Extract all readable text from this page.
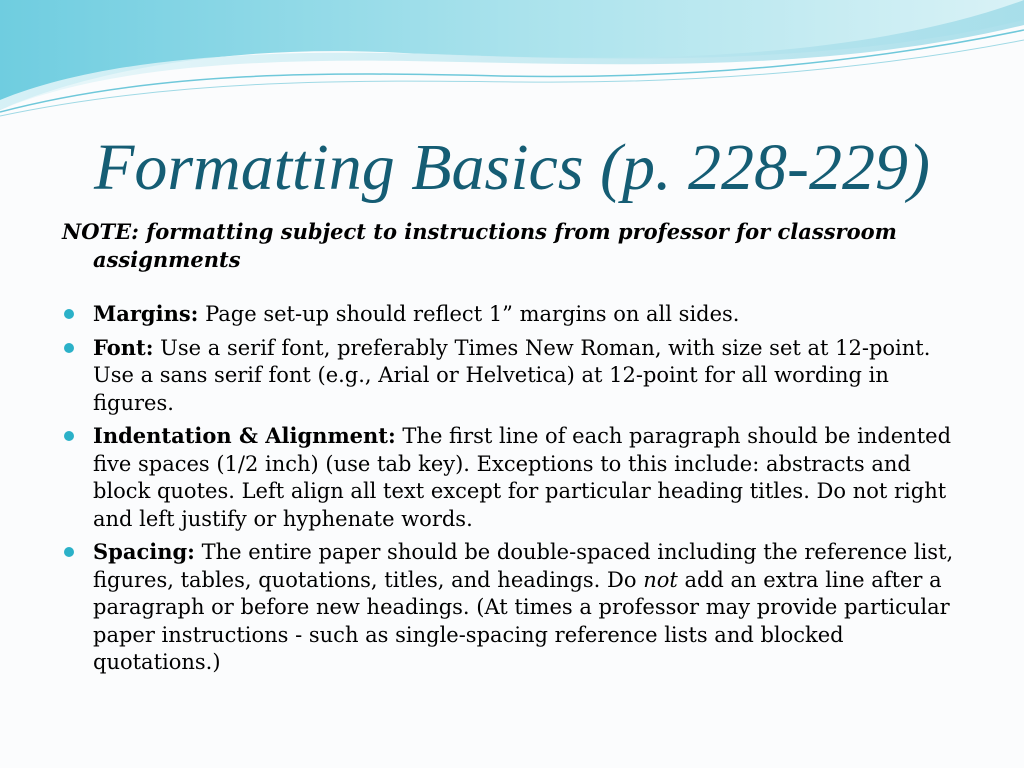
Formatting Basics (p. 228-229)
NOTE: formatting subject to instructions from professor for classroom assignments
Margins: Page set-up should reflect 1” margins on all sides.
Font: Use a serif font, preferably Times New Roman, with size set at 12-point. Use a sans serif font (e.g., Arial or Helvetica) at 12-point for all wording in figures.
Indentation & Alignment: The first line of each paragraph should be indented five spaces (1/2 inch) (use tab key). Exceptions to this include: abstracts and block quotes. Left align all text except for particular heading titles. Do not right and left justify or hyphenate words.
Spacing: The entire paper should be double-spaced including the reference list, figures, tables, quotations, titles, and headings. Do not add an extra line after a paragraph or before new headings. (At times a professor may provide particular paper instructions - such as single-spacing reference lists and blocked quotations.)
